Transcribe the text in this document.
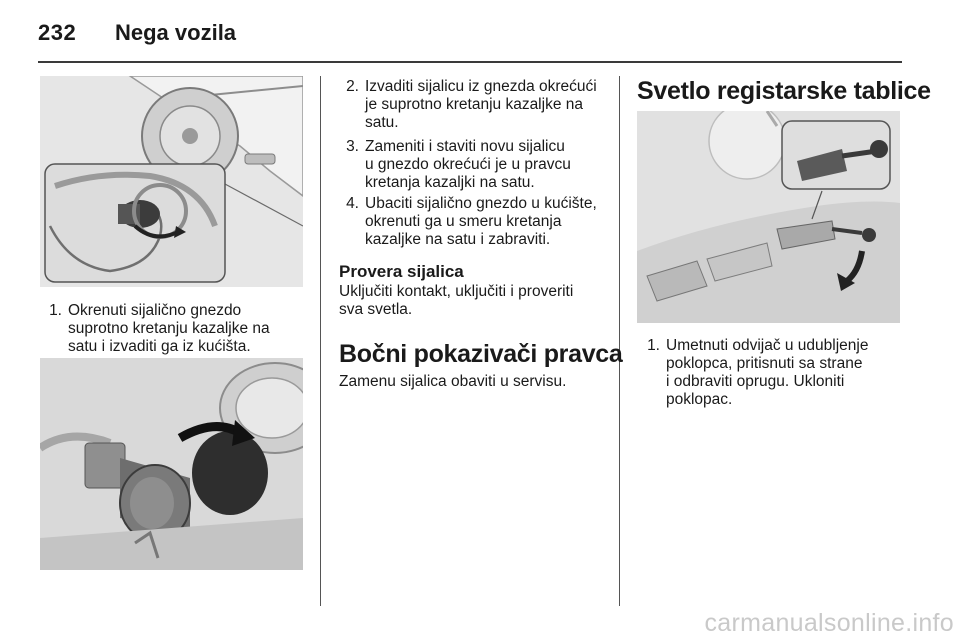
232 Nega vozila
1. Okrenuti sijalično gnezdo
suprotno kretanju kazaljke na
satu i izvaditi ga iz kućišta.
2. Izvaditi sijalicu iz gnezda okrećući
je suprotno kretanju kazaljke na
satu.
3. Zameniti i staviti novu sijalicu
u gnezdo okrećući je u pravcu
kretanja kazaljki na satu.
4. Ubaciti sijalično gnezdo u kućište,
okrenuti ga u smeru kretanja
kazaljke na satu i zabraviti.
Provera sijalica
Uključiti kontakt, uključiti i proveriti
sva svetla.
Bočni pokazivači pravca
Zamenu sijalica obaviti u servisu.
Svetlo registarske tablice
1. Umetnuti odvijač u udubljenje
poklopca, pritisnuti sa strane
i odbraviti oprugu. Ukloniti
poklopac.
carmanualsonline.info
